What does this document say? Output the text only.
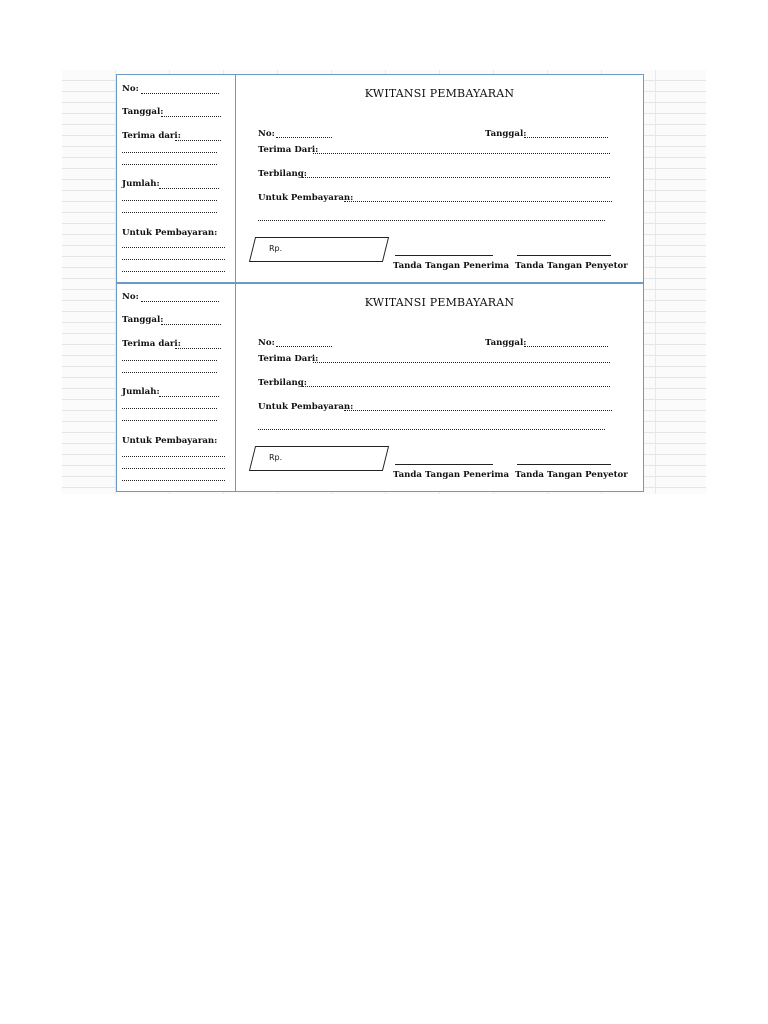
No:
Tanggal:
Terima dari:
Jumlah:
Untuk Pembayaran:
KWITANSI PEMBAYARAN
No:	Tanggal:
Terima Dari:
Terbilang:
Untuk Pembayaran:
Rp.
Tanda Tangan Penerima Tanda Tangan Penyetor
No:
Tanggal:
Terima dari:
Jumlah:
Untuk Pembayaran:
KWITANSI PEMBAYARAN
No:	Tanggal:
Terima Dari:
Terbilang:
Untuk Pembayaran:
Rp.
Tanda Tangan Penerima Tanda Tangan Penyetor
